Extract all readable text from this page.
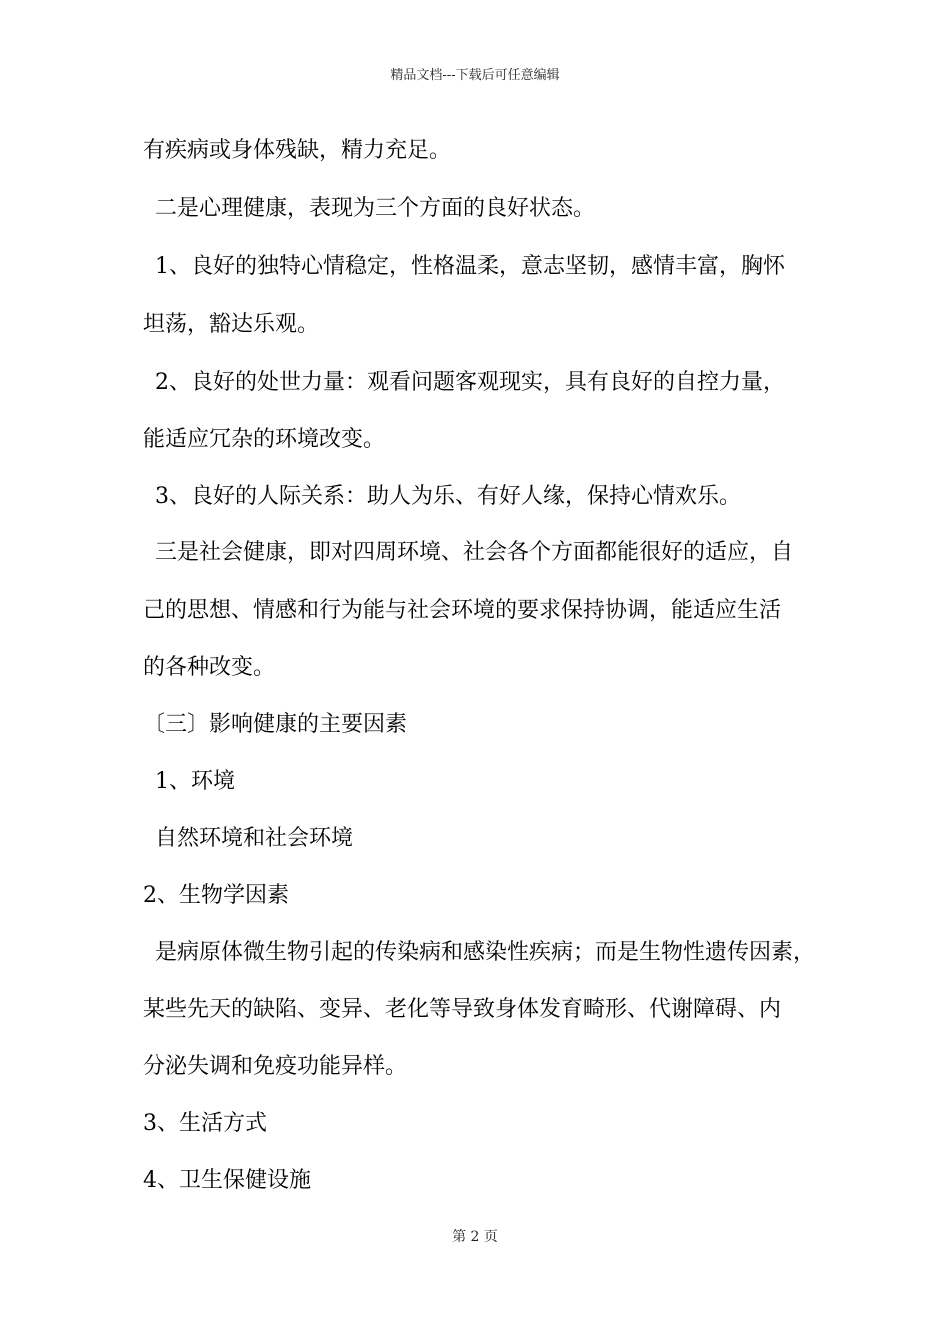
精品文档---下载后可任意编辑
有疾病或身体残缺，精力充足。
二是心理健康，表现为三个方面的良好状态。
1、良好的独特心情稳定，性格温柔，意志坚韧，感情丰富，胸怀
坦荡，豁达乐观。
2、良好的处世力量：观看问题客观现实，具有良好的自控力量，
能适应冗杂的环境改变。
3、良好的人际关系：助人为乐、有好人缘，保持心情欢乐。
三是社会健康，即对四周环境、社会各个方面都能很好的适应，自
己的思想、情感和行为能与社会环境的要求保持协调，能适应生活
的各种改变。
〔三〕影响健康的主要因素
1、环境
自然环境和社会环境
2、生物学因素
是病原体微生物引起的传染病和感染性疾病；而是生物性遗传因素，
某些先天的缺陷、变异、老化等导致身体发育畸形、代谢障碍、内
分泌失调和免疫功能异样。
3、生活方式
4、卫生保健设施
第 2 页
